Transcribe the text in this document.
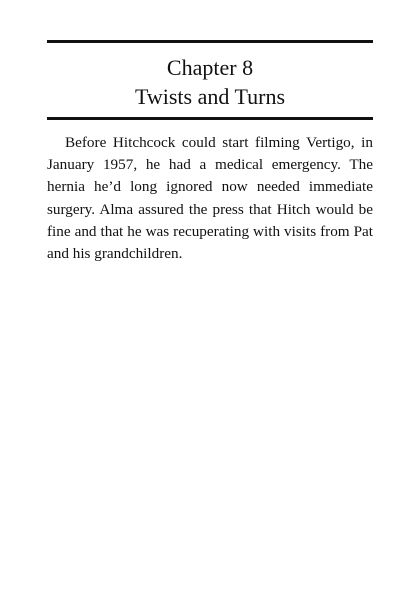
Chapter 8
Twists and Turns

Before Hitchcock could start filming Vertigo, in January 1957, he had a medical emergency. The hernia he’d long ignored now needed immediate surgery. Alma assured the press that Hitch would be fine and that he was recuperating with visits from Pat and his grandchildren.
